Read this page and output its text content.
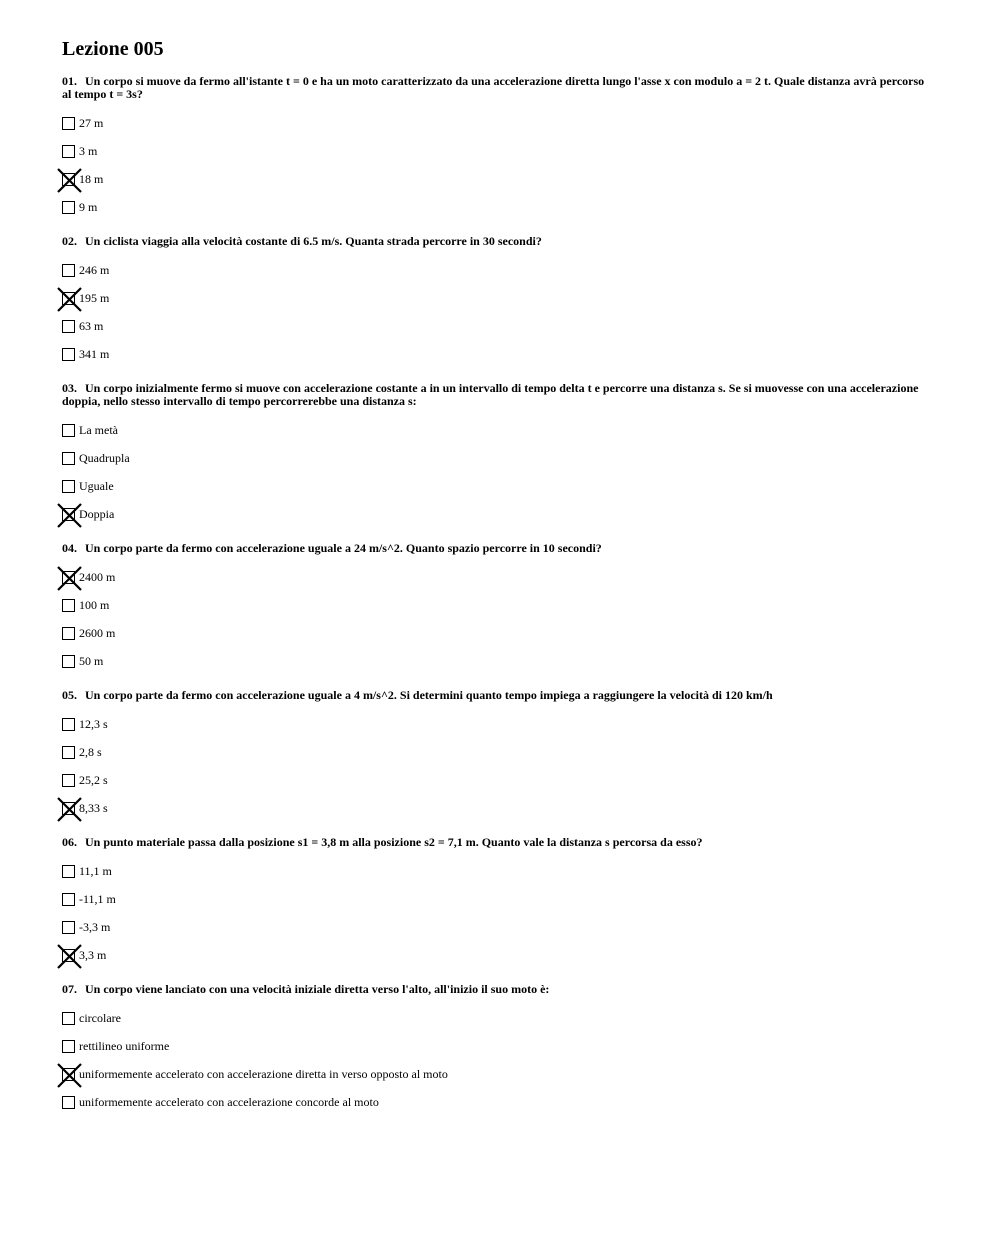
Lezione 005

01. Un corpo si muove da fermo all'istante t = 0 e ha un moto caratterizzato da una accelerazione diretta lungo l'asse x con modulo a = 2 t. Quale distanza avrà percorso al tempo t = 3s?

27 m
3 m
18 m
9 m

02. Un ciclista viaggia alla velocità costante di 6.5 m/s. Quanta strada percorre in 30 secondi?

246 m
195 m
63 m
341 m

03. Un corpo inizialmente fermo si muove con accelerazione costante a in un intervallo di tempo delta t e percorre una distanza s. Se si muovesse con una accelerazione doppia, nello stesso intervallo di tempo percorrerebbe una distanza s:

La metà
Quadrupla
Uguale
Doppia

04. Un corpo parte da fermo con accelerazione uguale a 24 m/s^2. Quanto spazio percorre in 10 secondi?

2400 m
100 m
2600 m
50 m

05. Un corpo parte da fermo con accelerazione uguale a 4 m/s^2. Si determini quanto tempo impiega a raggiungere la velocità di 120 km/h

12,3 s
2,8 s
25,2 s
8,33 s

06. Un punto materiale passa dalla posizione s1 = 3,8 m alla posizione s2 = 7,1 m. Quanto vale la distanza s percorsa da esso?

11,1 m
-11,1 m
-3,3 m
3,3 m

07. Un corpo viene lanciato con una velocità iniziale diretta verso l'alto, all'inizio il suo moto è:

circolare
rettilineo uniforme
uniformemente accelerato con accelerazione diretta in verso opposto al moto
uniformemente accelerato con accelerazione concorde al moto
